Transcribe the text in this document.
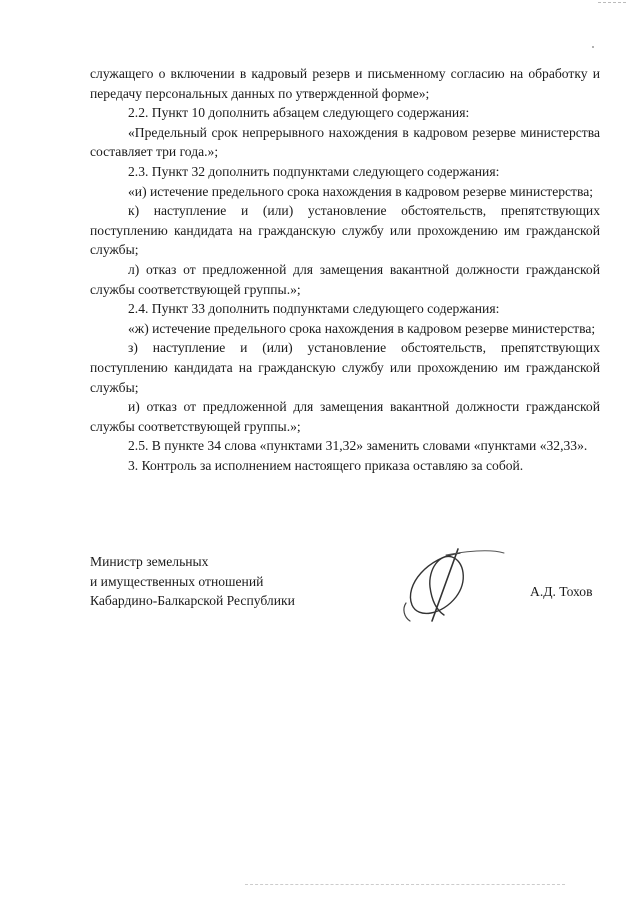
служащего о включении в кадровый резерв и письменному согласию на обработку и передачу персональных данных по утвержденной форме»;

2.2. Пункт 10 дополнить абзацем следующего содержания:

«Предельный срок непрерывного нахождения в кадровом резерве министерства составляет три года.»;

2.3. Пункт 32 дополнить подпунктами следующего содержания:

«и) истечение предельного срока нахождения в кадровом резерве министерства;

к) наступление и (или) установление обстоятельств, препятствующих поступлению кандидата на гражданскую службу или прохождению им гражданской службы;

л) отказ от предложенной для замещения вакантной должности гражданской службы соответствующей группы.»;

2.4. Пункт 33 дополнить подпунктами следующего содержания:

«ж) истечение предельного срока нахождения в кадровом резерве министерства;

з) наступление и (или) установление обстоятельств, препятствующих поступлению кандидата на гражданскую службу или прохождению им гражданской службы;

и) отказ от предложенной для замещения вакантной должности гражданской службы соответствующей группы.»;

2.5. В пункте 34 слова «пунктами 31,32» заменить словами «пунктами «32,33».

3. Контроль за исполнением настоящего приказа оставляю за собой.

Министр земельных
и имущественных отношений
Кабардино-Балкарской Республики
А.Д. Тохов
